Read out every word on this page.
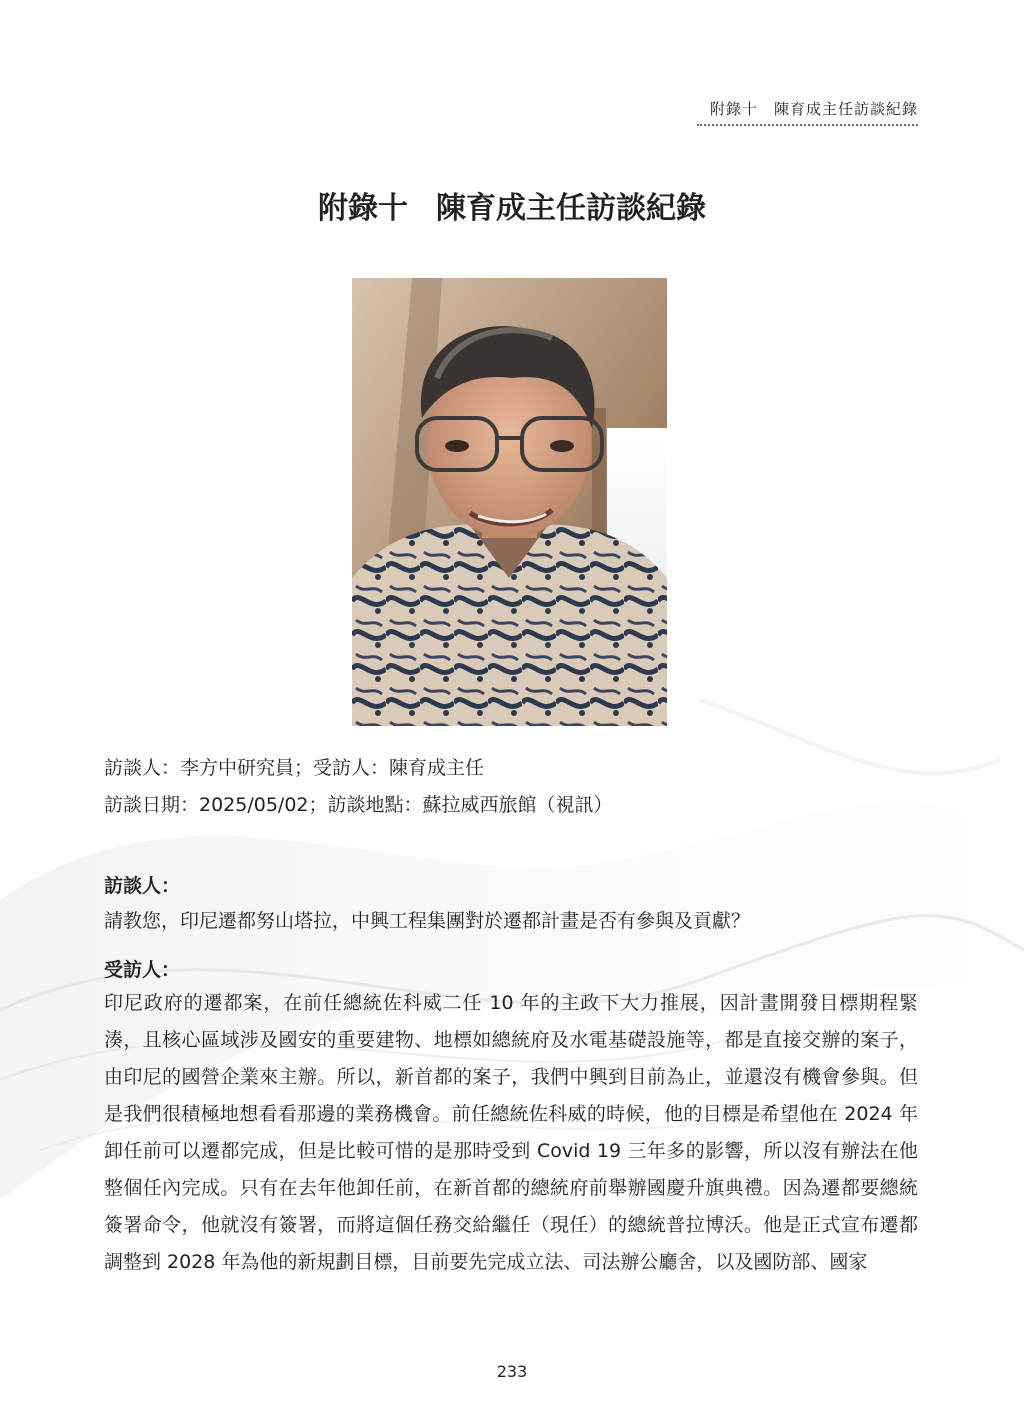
附錄十　陳育成主任訪談紀錄
附錄十 陳育成主任訪談紀錄
訪談人：李方中研究員；受訪人：陳育成主任
訪談日期：2025/05/02；訪談地點：蘇拉威西旅館（視訊）
訪談人：
請教您，印尼遷都努山塔拉，中興工程集團對於遷都計畫是否有參與及貢獻？
受訪人：
印尼政府的遷都案，在前任總統佐科威二任 10 年的主政下大力推展，因計畫開發目標期程緊湊，且核心區域涉及國安的重要建物、地標如總統府及水電基礎設施等，都是直接交辦的案子，由印尼的國營企業來主辦。所以，新首都的案子，我們中興到目前為止，並還沒有機會參與。但是我們很積極地想看看那邊的業務機會。前任總統佐科威的時候，他的目標是希望他在 2024 年卸任前可以遷都完成，但是比較可惜的是那時受到 Covid 19 三年多的影響，所以沒有辦法在他整個任內完成。只有在去年他卸任前，在新首都的總統府前舉辦國慶升旗典禮。因為遷都要總統簽署命令，他就沒有簽署，而將這個任務交給繼任（現任）的總統普拉博沃。他是正式宣布遷都調整到 2028 年為他的新規劃目標，目前要先完成立法、司法辦公廳舍，以及國防部、國家
233
